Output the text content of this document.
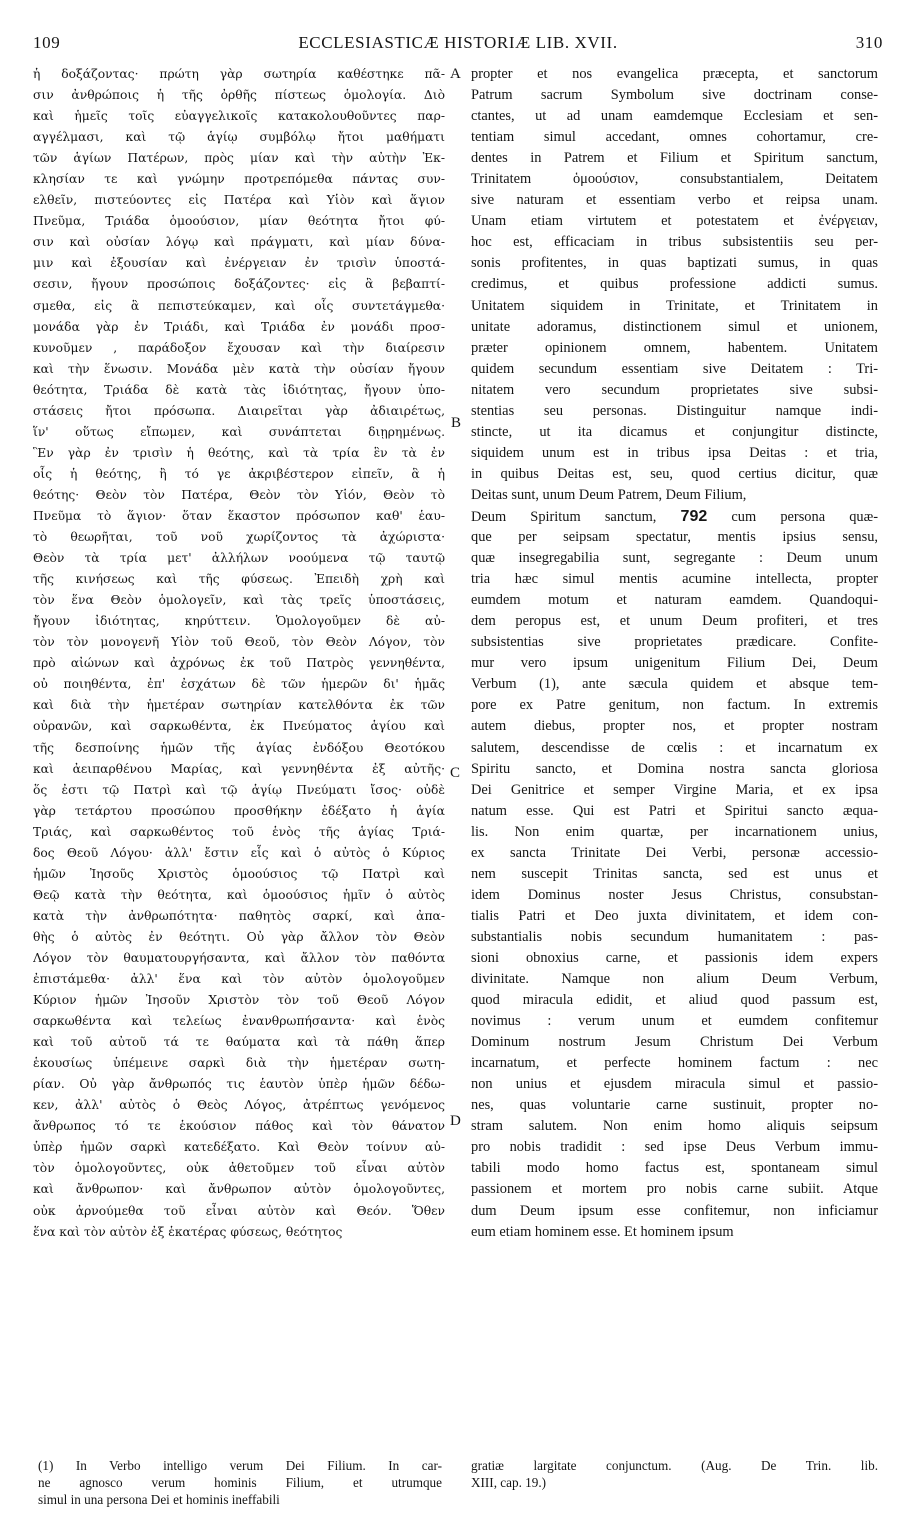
109	ECCLESIASTICÆ HISTORIÆ LIB. XVII.	310
ἡ δοξάζοντας· πρώτη γὰρ σωτηρία καθέστηκε πᾶ-
σιν ἀνθρώποις ἡ τῆς ὀρθῆς πίστεως ὁμολογία. Διὸ
καὶ ἡμεῖς τοῖς εὐαγγελικοῖς κατακολουθοῦντες παρ-
αγγέλμασι, καὶ τῷ ἁγίῳ συμβόλῳ ἤτοι μαθήματι
τῶν ἁγίων Πατέρων, πρὸς μίαν καὶ τὴν αὐτὴν Ἐκ-
κλησίαν τε καὶ γνώμην προτρεπόμεθα πάντας συν-
ελθεῖν, πιστεύοντες εἰς Πατέρα καὶ Υἱὸν καὶ ἅγιον
Πνεῦμα, Τριάδα ὁμοούσιον, μίαν θεότητα ἤτοι φύ-
σιν καὶ οὐσίαν λόγῳ καὶ πράγματι, καὶ μίαν δύνα-
μιν καὶ ἐξουσίαν καὶ ἐνέργειαν ἐν τρισὶν ὑποστά-
σεσιν, ἤγουν προσώποις δοξάζοντες· εἰς ἃ βεβαπτί-
σμεθα, εἰς ἃ πεπιστεύκαμεν, καὶ οἷς συντετάγμεθα·
μονάδα γὰρ ἐν Τριάδι, καὶ Τριάδα ἐν μονάδι προσ-
κυνοῦμεν , παράδοξον ἔχουσαν καὶ τὴν διαίρεσιν
καὶ τὴν ἕνωσιν. Μονάδα μὲν κατὰ τὴν οὐσίαν ἤγουν
θεότητα, Τριάδα δὲ κατὰ τὰς ἰδιότητας, ἤγουν ὑπο-
στάσεις ἤτοι πρόσωπα. Διαιρεῖται γὰρ ἀδιαιρέτως,
ἵν' οὕτως εἴπωμεν, καὶ συνάπτεται διῃρημένως.
Ἓν γὰρ ἐν τρισὶν ἡ θεότης, καὶ τὰ τρία ἓν τὰ ἐν
οἷς ἡ θεότης, ἢ τό γε ἀκριβέστερον εἰπεῖν, ἃ ἡ
θεότης· Θεὸν τὸν Πατέρα, Θεὸν τὸν Υἱόν, Θεὸν τὸ
Πνεῦμα τὸ ἅγιον· ὅταν ἕκαστον πρόσωπον καθ' ἑαυ-
τὸ θεωρῆται, τοῦ νοῦ χωρίζοντος τὰ ἀχώριστα·
Θεὸν τὰ τρία μετ' ἀλλήλων νοούμενα τῷ ταυτῷ
τῆς κινήσεως καὶ τῆς φύσεως. Ἐπειδὴ χρὴ καὶ
τὸν ἕνα Θεὸν ὁμολογεῖν, καὶ τὰς τρεῖς ὑποστάσεις,
ἤγουν ἰδιότητας, κηρύττειν. Ὁμολογοῦμεν δὲ αὐ-
τὸν τὸν μονογενῆ Υἱὸν τοῦ Θεοῦ, τὸν Θεὸν Λόγον, τὸν
πρὸ αἰώνων καὶ ἀχρόνως ἐκ τοῦ Πατρὸς γεννηθέντα,
οὐ ποιηθέντα, ἐπ' ἐσχάτων δὲ τῶν ἡμερῶν δι' ἡμᾶς
καὶ διὰ τὴν ἡμετέραν σωτηρίαν κατελθόντα ἐκ τῶν
οὐρανῶν, καὶ σαρκωθέντα, ἐκ Πνεύματος ἁγίου καὶ
τῆς δεσποίνης ἡμῶν τῆς ἁγίας ἐνδόξου Θεοτόκου
καὶ ἀειπαρθένου Μαρίας, καὶ γεννηθέντα ἐξ αὐτῆς·
ὅς ἐστι τῷ Πατρὶ καὶ τῷ ἁγίῳ Πνεύματι ἴσος· οὐδὲ
γὰρ τετάρτου προσώπου προσθήκην ἐδέξατο ἡ ἁγία
Τριάς, καὶ σαρκωθέντος τοῦ ἑνὸς τῆς ἁγίας Τριά-
δος Θεοῦ Λόγου· ἀλλ' ἔστιν εἷς καὶ ὁ αὐτὸς ὁ Κύριος
ἡμῶν Ἰησοῦς Χριστὸς ὁμοούσιος τῷ Πατρὶ καὶ
Θεῷ κατὰ τὴν θεότητα, καὶ ὁμοούσιος ἡμῖν ὁ αὐτὸς
κατὰ τὴν ἀνθρωπότητα· παθητὸς σαρκί, καὶ ἀπα-
θὴς ὁ αὐτὸς ἐν θεότητι. Οὐ γὰρ ἄλλον τὸν Θεὸν
Λόγον τὸν θαυματουργήσαντα, καὶ ἄλλον τὸν παθόντα
ἐπιστάμεθα· ἀλλ' ἕνα καὶ τὸν αὐτὸν ὁμολογοῦμεν
Κύριον ἡμῶν Ἰησοῦν Χριστὸν τὸν τοῦ Θεοῦ Λόγον
σαρκωθέντα καὶ τελείως ἐνανθρωπήσαντα· καὶ ἑνὸς
καὶ τοῦ αὐτοῦ τά τε θαύματα καὶ τὰ πάθη ἅπερ
ἑκουσίως ὑπέμεινε σαρκὶ διὰ τὴν ἡμετέραν σωτη-
ρίαν. Οὐ γὰρ ἄνθρωπός τις ἑαυτὸν ὑπὲρ ἡμῶν δέδω-
κεν, ἀλλ' αὐτὸς ὁ Θεὸς Λόγος, ἀτρέπτως γενόμενος
ἄνθρωπος τό τε ἑκούσιον πάθος καὶ τὸν θάνατον
ὑπὲρ ἡμῶν σαρκὶ κατεδέξατο. Καὶ Θεὸν τοίνυν αὐ-
τὸν ὁμολογοῦντες, οὐκ ἀθετοῦμεν τοῦ εἶναι αὐτὸν
καὶ ἄνθρωπον· καὶ ἄνθρωπον αὐτὸν ὁμολογοῦντες,
οὐκ ἀρνούμεθα τοῦ εἶναι αὐτὸν καὶ Θεόν. Ὅθεν
ἕνα καὶ τὸν αὐτὸν ἐξ ἑκατέρας φύσεως, θεότητος
propter et nos evangelica præcepta, et sanctorum
Patrum sacrum Symbolum sive doctrinam conse-
ctantes, ut ad unam eamdemque Ecclesiam et sen-
tentiam simul accedant, omnes cohortamur, cre-
dentes in Patrem et Filium et Spiritum sanctum,
Trinitatem ὁμοούσιον, consubstantialem, Deitatem
sive naturam et essentiam verbo et reipsa unam.
Unam etiam virtutem et potestatem et ἐνέργειαν,
hoc est, efficaciam in tribus subsistentiis seu per-
sonis profitentes, in quas baptizati sumus, in quas
credimus, et quibus professione addicti sumus.
Unitatem siquidem in Trinitate, et Trinitatem in
unitate adoramus, distinctionem simul et unionem,
præter opinionem omnem, habentem. Unitatem
quidem secundum essentiam sive Deitatem : Tri-
nitatem vero secundum proprietates sive subsi-
stentias seu personas. Distinguitur namque indi-
stincte, ut ita dicamus et conjungitur distincte,
siquidem unum est in tribus ipsa Deitas : et tria,
in quibus Deitas est, seu, quod certius dicitur, quæ
Deitas sunt, unum Deum Patrem, Deum Filium,
Deum Spiritum sanctum, 792 cum persona quæ-
que per seipsam spectatur, mentis ipsius sensu,
quæ insegregabilia sunt, segregante : Deum unum
tria hæc simul mentis acumine intellecta, propter
eumdem motum et naturam eamdem. Quandoqui-
dem peropus est, et unum Deum profiteri, et tres
subsistentias sive proprietates prædicare. Confite-
mur vero ipsum unigenitum Filium Dei, Deum
Verbum (1), ante sæcula quidem et absque tem-
pore ex Patre genitum, non factum. In extremis
autem diebus, propter nos, et propter nostram
salutem, descendisse de cœlis : et incarnatum ex
Spiritu sancto, et Domina nostra sancta gloriosa
Dei Genitrice et semper Virgine Maria, et ex ipsa
natum esse. Qui est Patri et Spiritui sancto æqua-
lis. Non enim quartæ, per incarnationem unius,
ex sancta Trinitate Dei Verbi, personæ accessio-
nem suscepit Trinitas sancta, sed est unus et
idem Dominus noster Jesus Christus, consubstan-
tialis Patri et Deo juxta divinitatem, et idem con-
substantialis nobis secundum humanitatem : pas-
sioni obnoxius carne, et passionis idem expers
divinitate. Namque non alium Deum Verbum,
quod miracula edidit, et aliud quod passum est,
novimus : verum unum et eumdem confitemur
Dominum nostrum Jesum Christum Dei Verbum
incarnatum, et perfecte hominem factum : nec
non unius et ejusdem miracula simul et passio-
nes, quas voluntarie carne sustinuit, propter no-
stram salutem. Non enim homo aliquis seipsum
pro nobis tradidit : sed ipse Deus Verbum immu-
tabili modo homo factus est, spontaneam simul
passionem et mortem pro nobis carne subiit. Atque
dum Deum ipsum esse confitemur, non inficiamur
eum etiam hominem esse. Et hominem ipsum
A
B
C
D
(1) In Verbo intelligo verum Dei Filium. In car-
ne agnosco verum hominis Filium, et utrumque
simul in una persona Dei et hominis ineffabili
gratiæ largitate conjunctum. (Aug. De Trin. lib.
XIII, cap. 19.)
